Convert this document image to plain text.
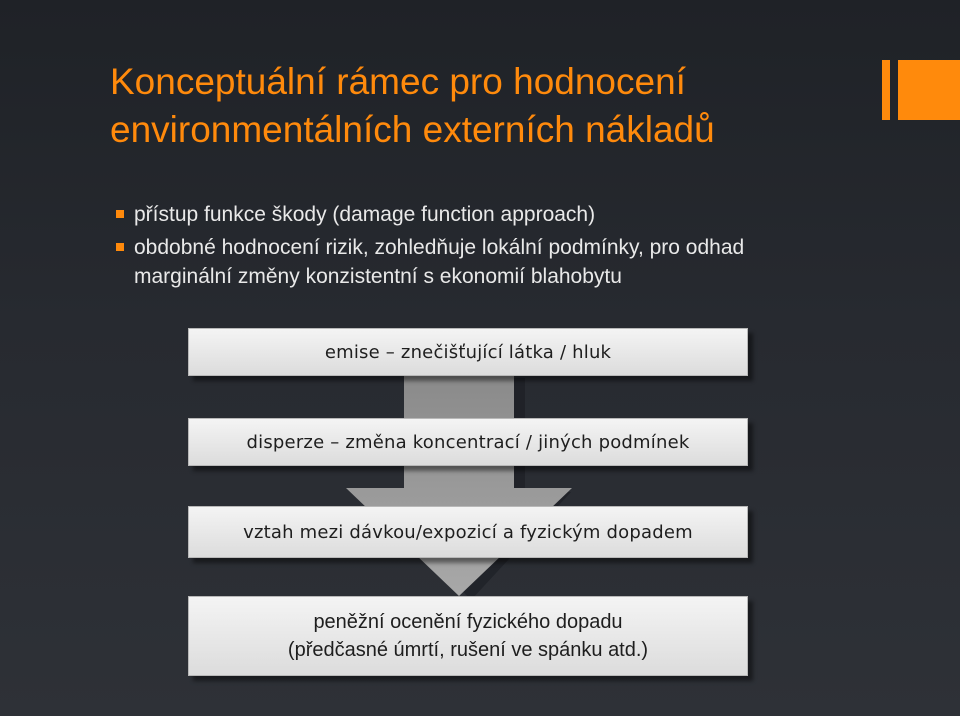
Konceptuální rámec pro hodnocení
environmentálních externích nákladů
přístup funkce škody (damage function approach)
obdobné hodnocení rizik, zohledňuje lokální podmínky, pro odhad marginální změny konzistentní s ekonomií blahobytu
emise – znečišťující látka / hluk
disperze – změna koncentrací / jiných podmínek
vztah mezi dávkou/expozicí a fyzickým dopadem
peněžní ocenění fyzického dopadu
(předčasné úmrtí, rušení ve spánku atd.)
